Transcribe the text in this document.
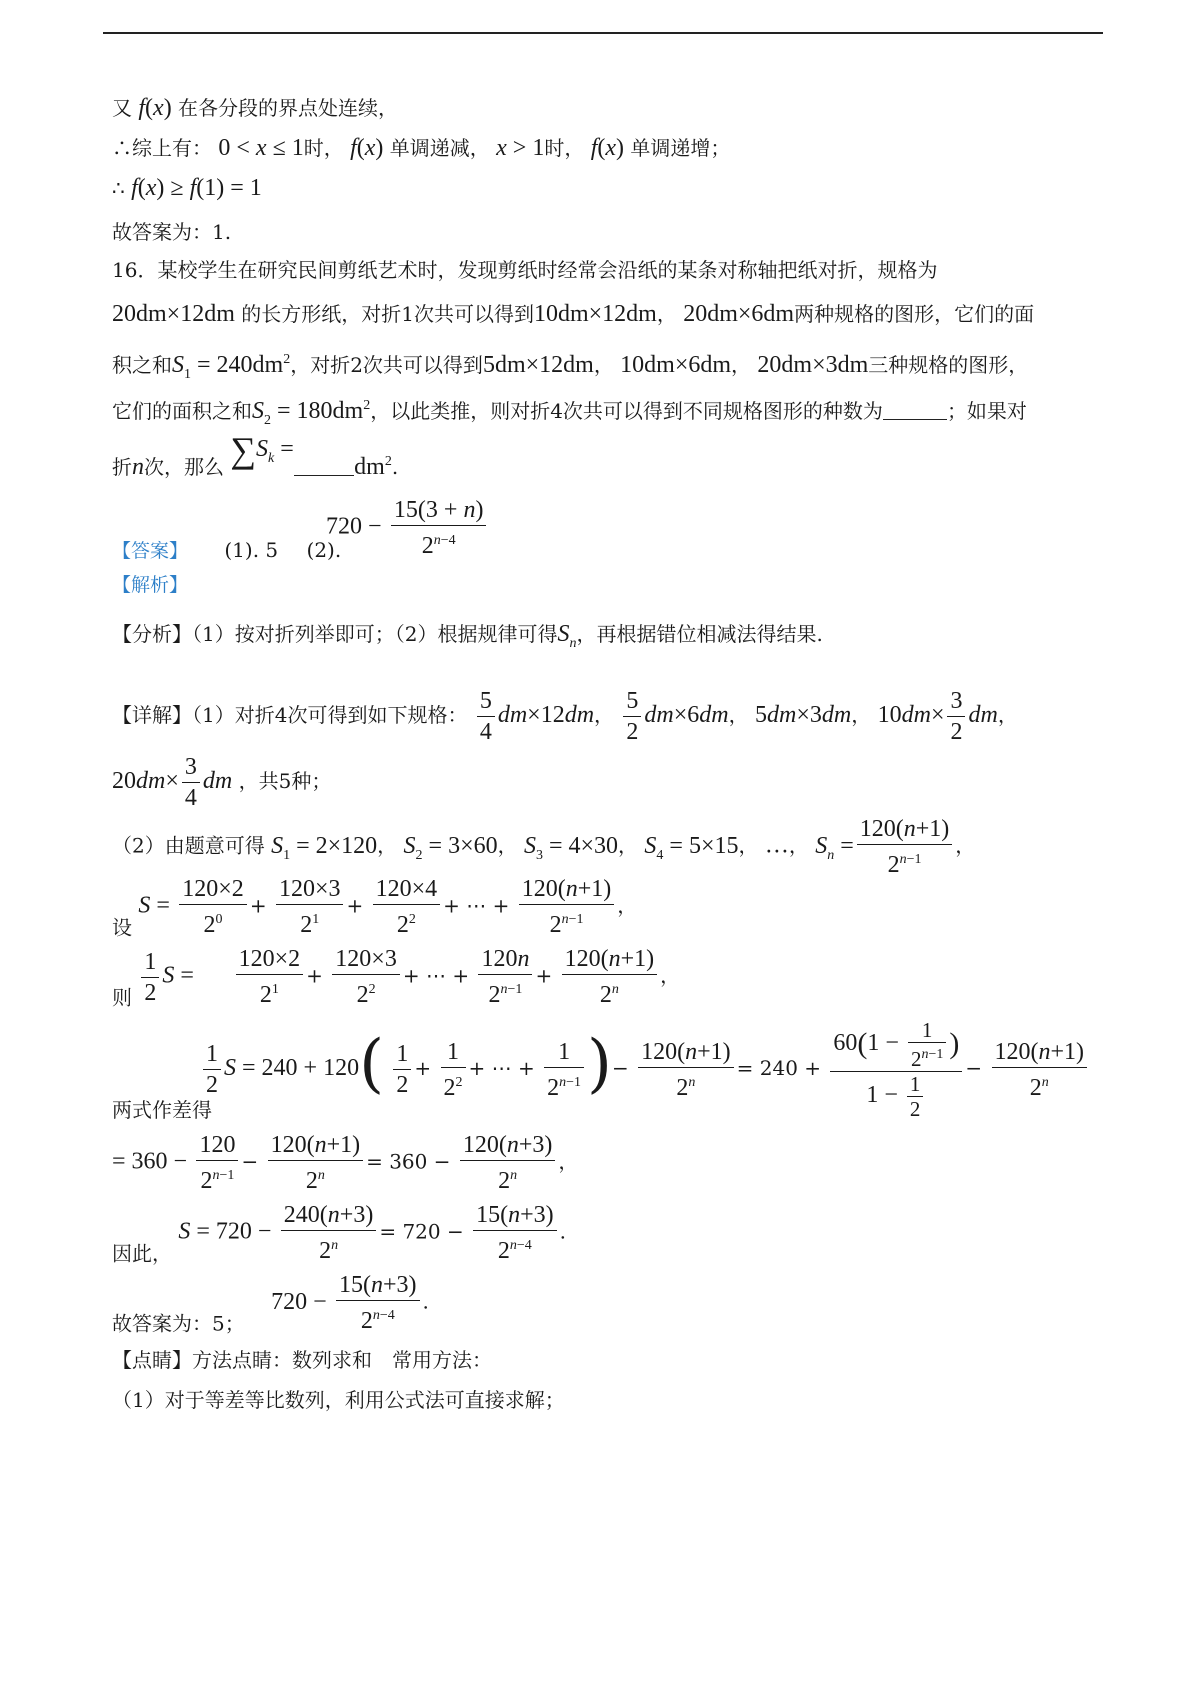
又 f(x) 在各分段的界点处连续，
∴综上有： 0 < x ≤ 1时， f(x) 单调递减， x > 1时， f(x) 单调递增；
∴ f(x) ≥ f(1) = 1
故答案为：1.
16．某校学生在研究民间剪纸艺术时，发现剪纸时经常会沿纸的某条对称轴把纸对折，规格为
20dm×12dm 的长方形纸，对折1次共可以得到10dm×12dm， 20dm×6dm两种规格的图形，它们的面
积之和$S_1 = 240dm^2$，对折2次共可以得到5dm×12dm， 10dm×6dm， 20dm×3dm三种规格的图形，
它们的面积之和$S_2 = 180dm^2$，以此类推，则对折4次共可以得到不同规格图形的种数为	；如果对
折n次，那么 $\sum S_k = dm^2$.
【答案】 (1). 5 (2).
$720 - \frac{15(3 + n)}{2^{n-4}}$
【解析】
【分析】（1）按对折列举即可；（2）根据规律可得$S_n$，再根据错位相减法得结果.
【详解】（1）对折4次可得到如下规格： $\frac{5}{4} dm\times 12dm$， $\frac{5}{2} dm\times 6dm$， 5dm×3dm， $10dm\times \frac{3}{2}$ dm，
$20dm\times \frac{3}{4}$ dm ，共5种；
（2）由题意可得 $S_1 = 2\times 120$， $S_2 = 3\times 60$， $S_3 = 4\times 30$， $S_4 = 5\times 15$， …， $S_n = \frac{120(n+1)}{2^{n-1}}$ ，
设 $S = \frac{120\times 2}{2^0} + \frac{120\times 3}{2^1} + \frac{120\times 4}{2^2}$ + ⋯ + $\frac{120(n+1)}{2^{n-1}}$ ，
则 $\frac{1}{2}$ $S = \frac{120\times 2}{2^1} + \frac{120\times 3}{2^2}$ + ⋯ + $\frac{120n}{2^{n-1}} + \frac{120(n+1)}{2^n}$ ，
$\frac{1}{2}$ $S = 240 + 120( \frac{1}{2} + \frac{1}{2^2}$ + ⋯ + $\frac{1}{2^{n-1}}$ )− $\frac{120(n+1)}{2^n} = 240 + \frac{60(1 - \frac{1}{2^{n-1}} )}{1 - \frac{1}{2}} - \frac{120(n+1)}{2^n}$
两式作差得
= $360 - \frac{120}{2^{n-1}} - \frac{120(n+1)}{2^n} = 360 - \frac{120(n+3)}{2^n}$ ，
因此， $S = 720 - \frac{240(n+3)}{2^n} = 720 - \frac{15(n+3)}{2^{n-4}}$ .
故答案为：5； $720 - \frac{15(n+3)}{2^{n-4}}$ .
【点睛】方法点睛：数列求和　常用方法：
（1）对于等差等比数列，利用公式法可直接求解；
